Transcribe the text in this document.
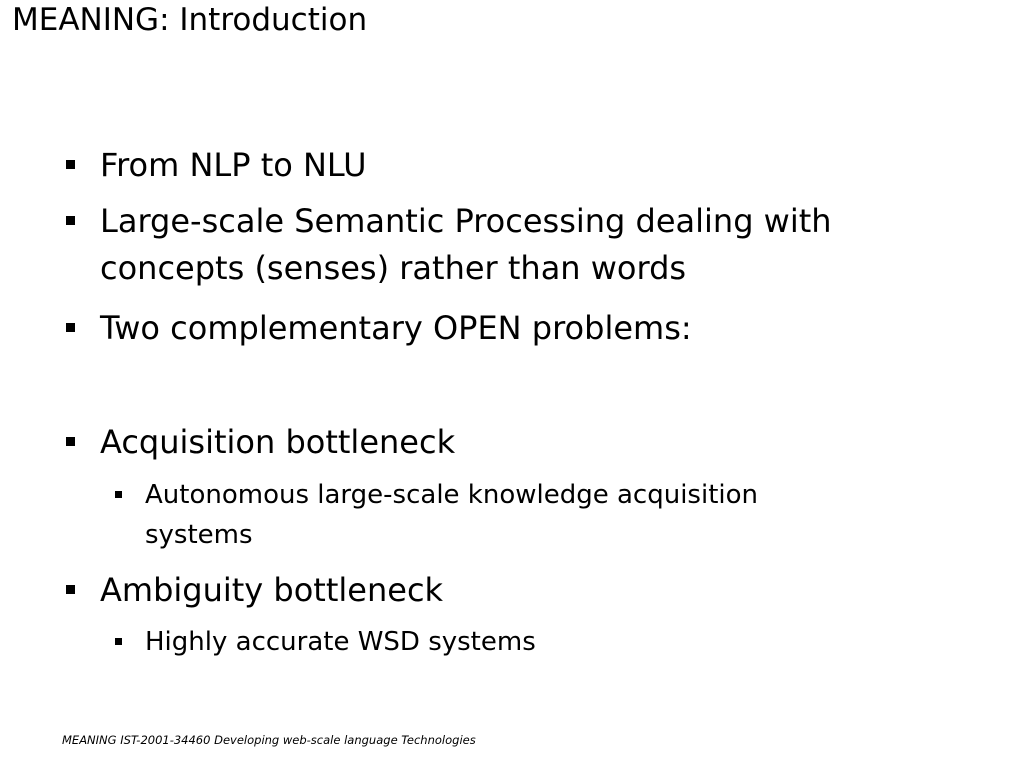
MEANING: Introduction
From NLP to NLU
Large-scale Semantic Processing dealing with
concepts (senses) rather than words
Two complementary OPEN problems:
Acquisition bottleneck
Autonomous large-scale knowledge acquisition
systems
Ambiguity bottleneck
Highly accurate WSD systems
MEANING IST-2001-34460 Developing web-scale language Technologies
